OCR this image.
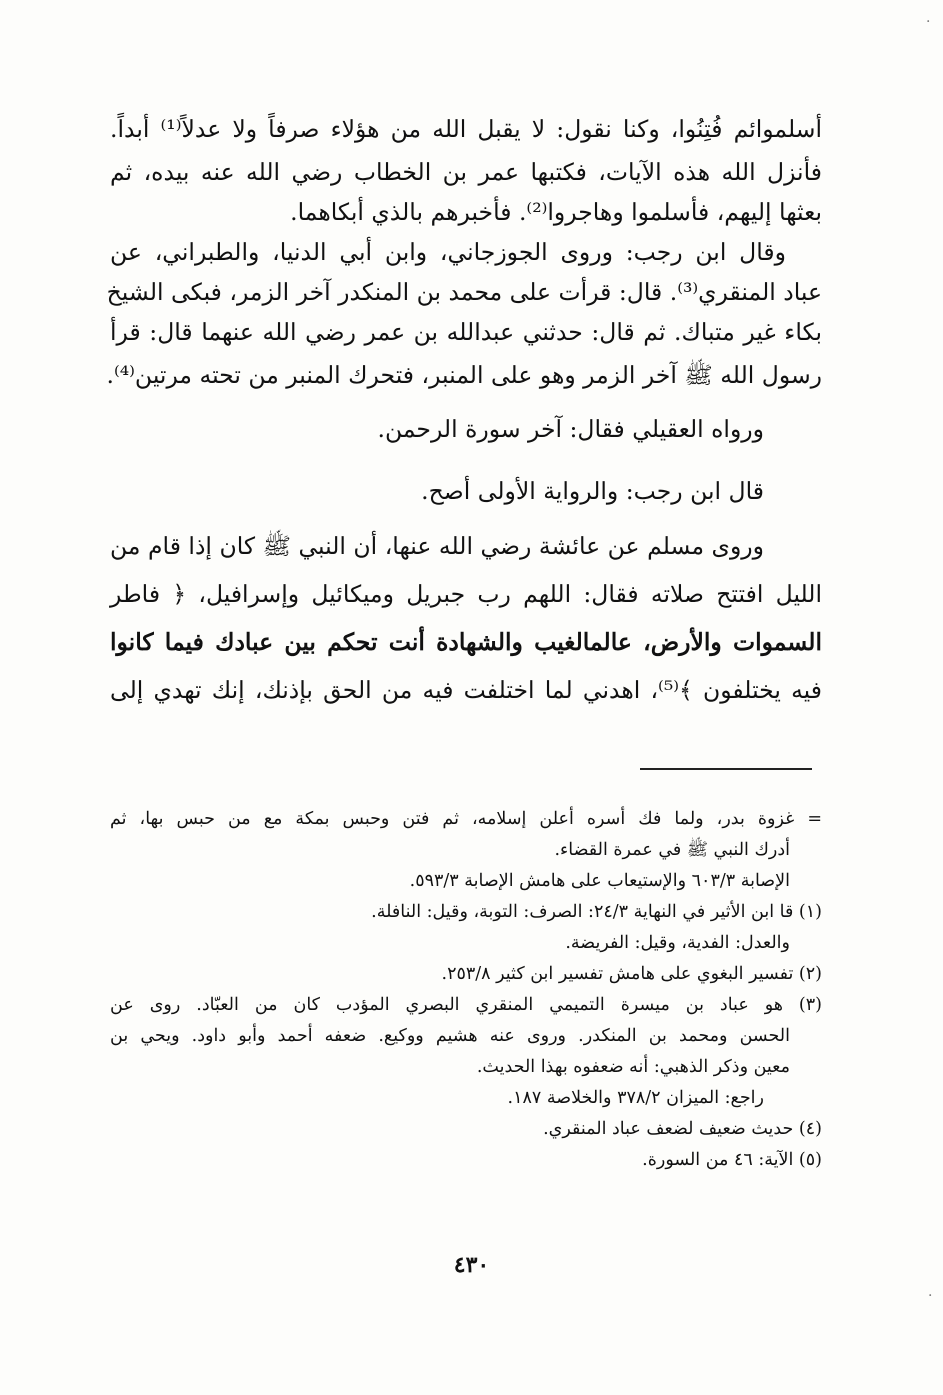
أسلموائم فُتِنُوا، وكنا نقول: لا يقبل الله من هؤلاء صرفاً ولا عدلاً⁽¹⁾ أبداً.
فأنزل الله هذه الآيات، فكتبها عمر بن الخطاب رضي الله عنه بيده، ثم
بعثها إليهم، فأسلموا وهاجروا⁽²⁾. فأخبرهم بالذي أبكاهما.
وقال ابن رجب: وروى الجوزجاني، وابن أبي الدنيا، والطبراني، عن
عباد المنقري⁽³⁾. قال: قرأت على محمد بن المنكدر آخر الزمر، فبكى الشيخ
بكاء غير متباك. ثم قال: حدثني عبدالله بن عمر رضي الله عنهما قال: قرأ
رسول الله ﷺ آخر الزمر وهو على المنبر، فتحرك المنبر من تحته مرتين⁽⁴⁾.
ورواه العقيلي فقال: آخر سورة الرحمن.
قال ابن رجب: والرواية الأولى أصح.
وروى مسلم عن عائشة رضي الله عنها، أن النبي ﷺ كان إذا قام من
الليل افتتح صلاته فقال: اللهم رب جبريل وميكائيل وإسرافيل، ﴿ فاطر
السموات والأرض، عالمالغيب والشهادة أنت تحكم بين عبادك فيما كانوا
فيه يختلفون ﴾⁽⁵⁾، اهدني لما اختلفت فيه من الحق بإذنك، إنك تهدي إلى
= غزوة بدر، ولما فك أسره أعلن إسلامه، ثم فتن وحبس بمكة مع من حبس بها، ثم
أدرك النبي ﷺ في عمرة القضاء.
الإصابة ٦٠٣/٣ والإستيعاب على هامش الإصابة ٥٩٣/٣.
(١) قا ابن الأثير في النهاية ٢٤/٣: الصرف: التوبة، وقيل: النافلة.
والعدل: الفدية، وقيل: الفريضة.
(٢) تفسير البغوي على هامش تفسير ابن كثير ٢٥٣/٨.
(٣) هو عباد بن ميسرة التميمي المنقري البصري المؤدب كان من العبّاد. روى عن
الحسن ومحمد بن المنكدر. وروى عنه هشيم ووكيع. ضعفه أحمد وأبو داود. ويحي بن
معين وذكر الذهبي: أنه ضعفوه بهذا الحديث.
راجع: الميزان ٣٧٨/٢ والخلاصة ١٨٧.
(٤) حديث ضعيف لضعف عباد المنقري.
(٥) الآية: ٤٦ من السورة.
٤٣٠
·
·
